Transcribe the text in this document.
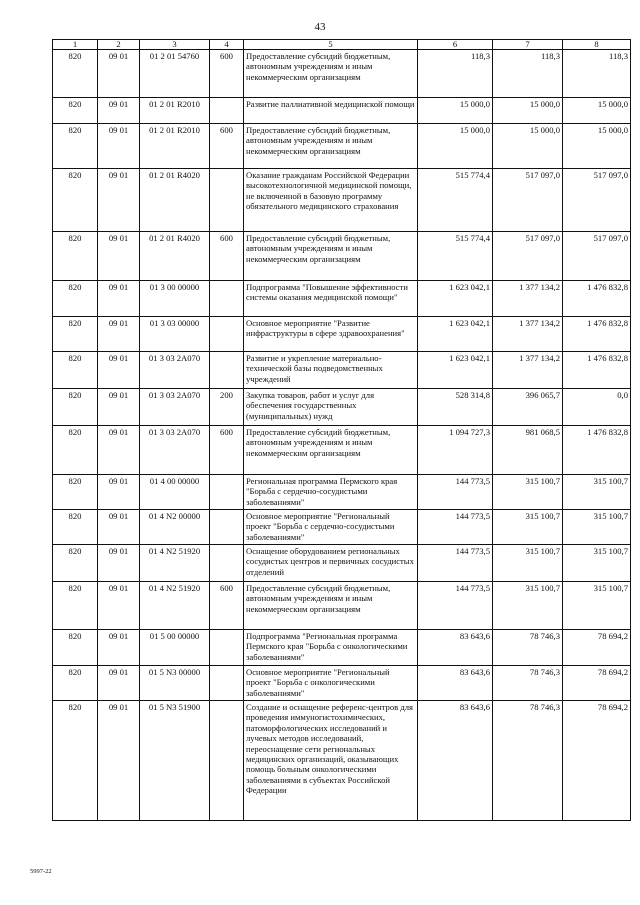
43
1	2	3	4	5	6	7	8
820	09 01	01 2 01 54760	600	Предоставление субсидий бюджетным, автономным учреждениям и иным некоммерческим организациям	118,3	118,3	118,3
820	09 01	01 2 01 R2010		Развитие паллиативной медицинской помощи	15 000,0	15 000,0	15 000,0
820	09 01	01 2 01 R2010	600	Предоставление субсидий бюджетным, автономным учреждениям и иным некоммерческим организациям	15 000,0	15 000,0	15 000,0
820	09 01	01 2 01 R4020		Оказание гражданам Российской Федерации высокотехнологичной медицинской помощи, не включенной в базовую программу обязательного медицинского страхования	515 774,4	517 097,0	517 097,0
820	09 01	01 2 01 R4020	600	Предоставление субсидий бюджетным, автономным учреждениям и иным некоммерческим организациям	515 774,4	517 097,0	517 097,0
820	09 01	01 3 00 00000		Подпрограмма "Повышение эффективности системы оказания медицинской помощи"	1 623 042,1	1 377 134,2	1 476 832,8
820	09 01	01 3 03 00000		Основное мероприятие "Развитие инфраструктуры в сфере здравоохранения"	1 623 042,1	1 377 134,2	1 476 832,8
820	09 01	01 3 03 2А070		Развитие и укрепление материально-технической базы подведомственных учреждений	1 623 042,1	1 377 134,2	1 476 832,8
820	09 01	01 3 03 2А070	200	Закупка товаров, работ и услуг для обеспечения государственных (муниципальных) нужд	528 314,8	396 065,7	0,0
820	09 01	01 3 03 2А070	600	Предоставление субсидий бюджетным, автономным учреждениям и иным некоммерческим организациям	1 094 727,3	981 068,5	1 476 832,8
820	09 01	01 4 00 00000		Региональная программа Пермского края "Борьба с сердечно-сосудистыми заболеваниями"	144 773,5	315 100,7	315 100,7
820	09 01	01 4 N2 00000		Основное мероприятие "Региональный проект "Борьба с сердечно-сосудистыми заболеваниями"	144 773,5	315 100,7	315 100,7
820	09 01	01 4 N2 51920		Оснащение оборудованием региональных сосудистых центров и первичных сосудистых отделений	144 773,5	315 100,7	315 100,7
820	09 01	01 4 N2 51920	600	Предоставление субсидий бюджетным, автономным учреждениям и иным некоммерческим организациям	144 773,5	315 100,7	315 100,7
820	09 01	01 5 00 00000		Подпрограмма "Региональная программа Пермского края "Борьба с онкологическими заболеваниями"	83 643,6	78 746,3	78 694,2
820	09 01	01 5 N3 00000		Основное мероприятие "Региональный проект "Борьба с онкологическими заболеваниями"	83 643,6	78 746,3	78 694,2
820	09 01	01 5 N3 51900		Создание и оснащение референс-центров для проведения иммуногистохимических, патоморфологических исследований и лучевых методов исследований, переоснащение сети региональных медицинских организаций, оказывающих помощь больным онкологическими заболеваниями в субъектах Российской Федерации	83 643,6	78 746,3	78 694,2
5997-22
